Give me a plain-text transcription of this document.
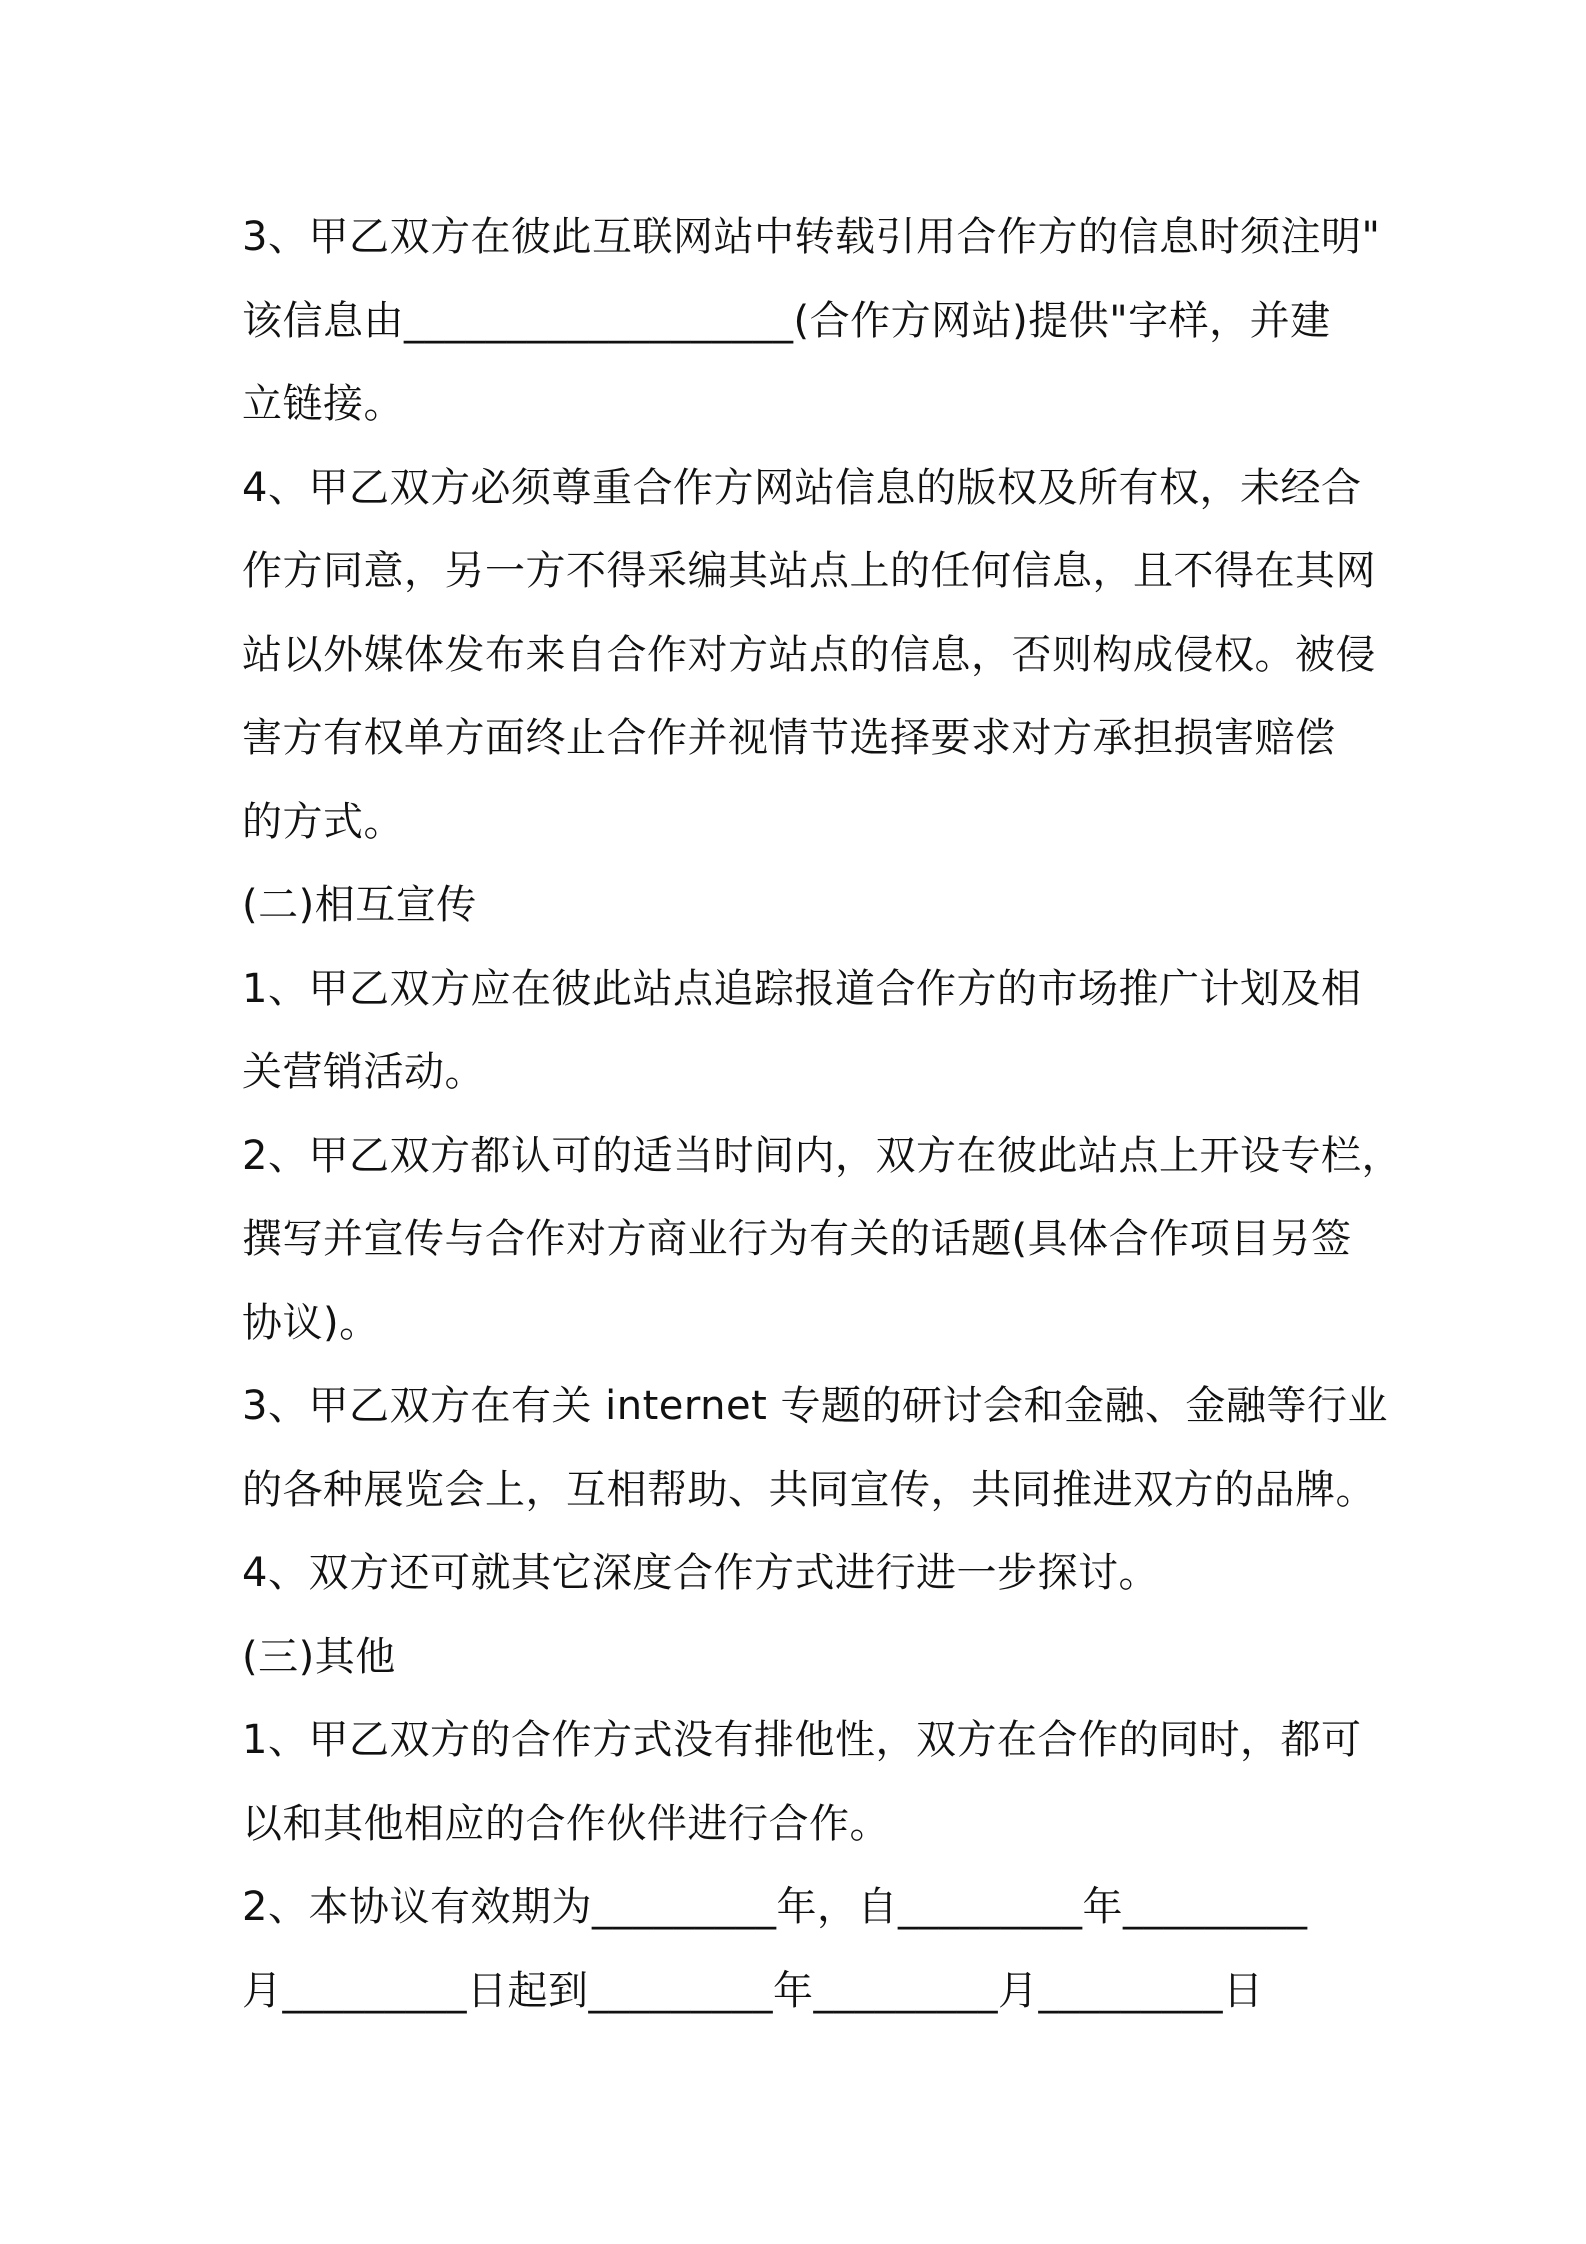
3、甲乙双方在彼此互联网站中转载引用合作方的信息时须注明"
该信息由___________________(合作方网站)提供"字样，并建
立链接。
4、甲乙双方必须尊重合作方网站信息的版权及所有权，未经合
作方同意，另一方不得采编其站点上的任何信息，且不得在其网
站以外媒体发布来自合作对方站点的信息，否则构成侵权。被侵
害方有权单方面终止合作并视情节选择要求对方承担损害赔偿
的方式。
(二)相互宣传
1、甲乙双方应在彼此站点追踪报道合作方的市场推广计划及相
关营销活动。
2、甲乙双方都认可的适当时间内，双方在彼此站点上开设专栏，
撰写并宣传与合作对方商业行为有关的话题(具体合作项目另签
协议)。
3、甲乙双方在有关 internet 专题的研讨会和金融、金融等行业
的各种展览会上，互相帮助、共同宣传，共同推进双方的品牌。
4、双方还可就其它深度合作方式进行进一步探讨。
(三)其他
1、甲乙双方的合作方式没有排他性，双方在合作的同时，都可
以和其他相应的合作伙伴进行合作。
2、本协议有效期为_________年，自_________年_________
月_________日起到_________年_________月_________日
